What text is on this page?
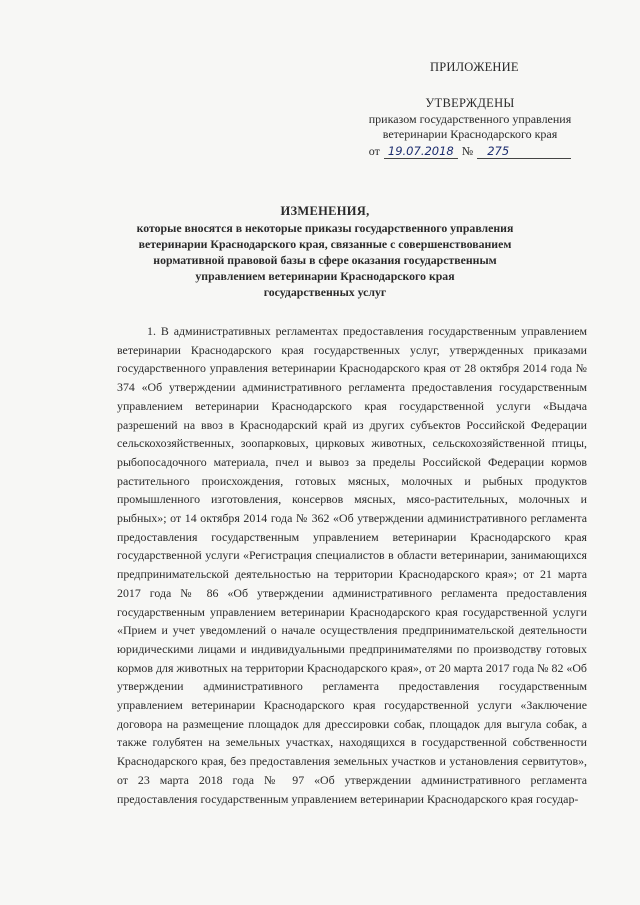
ПРИЛОЖЕНИЕ
УТВЕРЖДЕНЫ
приказом государственного управления
ветеринарии Краснодарского края
от 19.07.2018 №	275
ИЗМЕНЕНИЯ,
которые вносятся в некоторые приказы государственного управления
ветеринарии Краснодарского края, связанные с совершенствованием
нормативной правовой базы в сфере оказания государственным
управлением ветеринарии Краснодарского края
государственных услуг
1. В административных регламентах предоставления государственным управлением ветеринарии Краснодарского края государственных услуг, утвержденных приказами государственного управления ветеринарии Краснодарского края от 28 октября 2014 года № 374 «Об утверждении административного регламента предоставления государственным управлением ветеринарии Краснодарского края государственной услуги «Выдача разрешений на ввоз в Краснодарский край из других субъектов Российской Федерации сельскохозяйственных, зоопарковых, цирковых животных, сельскохозяйственной птицы, рыбопосадочного материала, пчел и вывоз за пределы Российской Федерации кормов растительного происхождения, готовых мясных, молочных и рыбных продуктов промышленного изготовления, консервов мясных, мясо-растительных, молочных и рыбных»; от 14 октября 2014 года № 362 «Об утверждении административного регламента предоставления государственным управлением ветеринарии Краснодарского края государственной услуги «Регистрация специалистов в области ветеринарии, занимающихся предпринимательской деятельностью на территории Краснодарского края»; от 21 марта 2017 года № 86 «Об утверждении административного регламента предоставления государственным управлением ветеринарии Краснодарского края государственной услуги «Прием и учет уведомлений о начале осуществления предпринимательской деятельности юридическими лицами и индивидуальными предпринимателями по производству готовых кормов для животных на территории Краснодарского края», от 20 марта 2017 года № 82 «Об утверждении административного регламента предоставления государственным управлением ветеринарии Краснодарского края государственной услуги «Заключение договора на размещение площадок для дрессировки собак, площадок для выгула собак, а также голубятен на земельных участках, находящихся в государственной собственности Краснодарского края, без предоставления земельных участков и установления сервитутов», от 23 марта 2018 года № 97 «Об утверждении административного регламента предоставления государственным управлением ветеринарии Краснодарского края государ-
